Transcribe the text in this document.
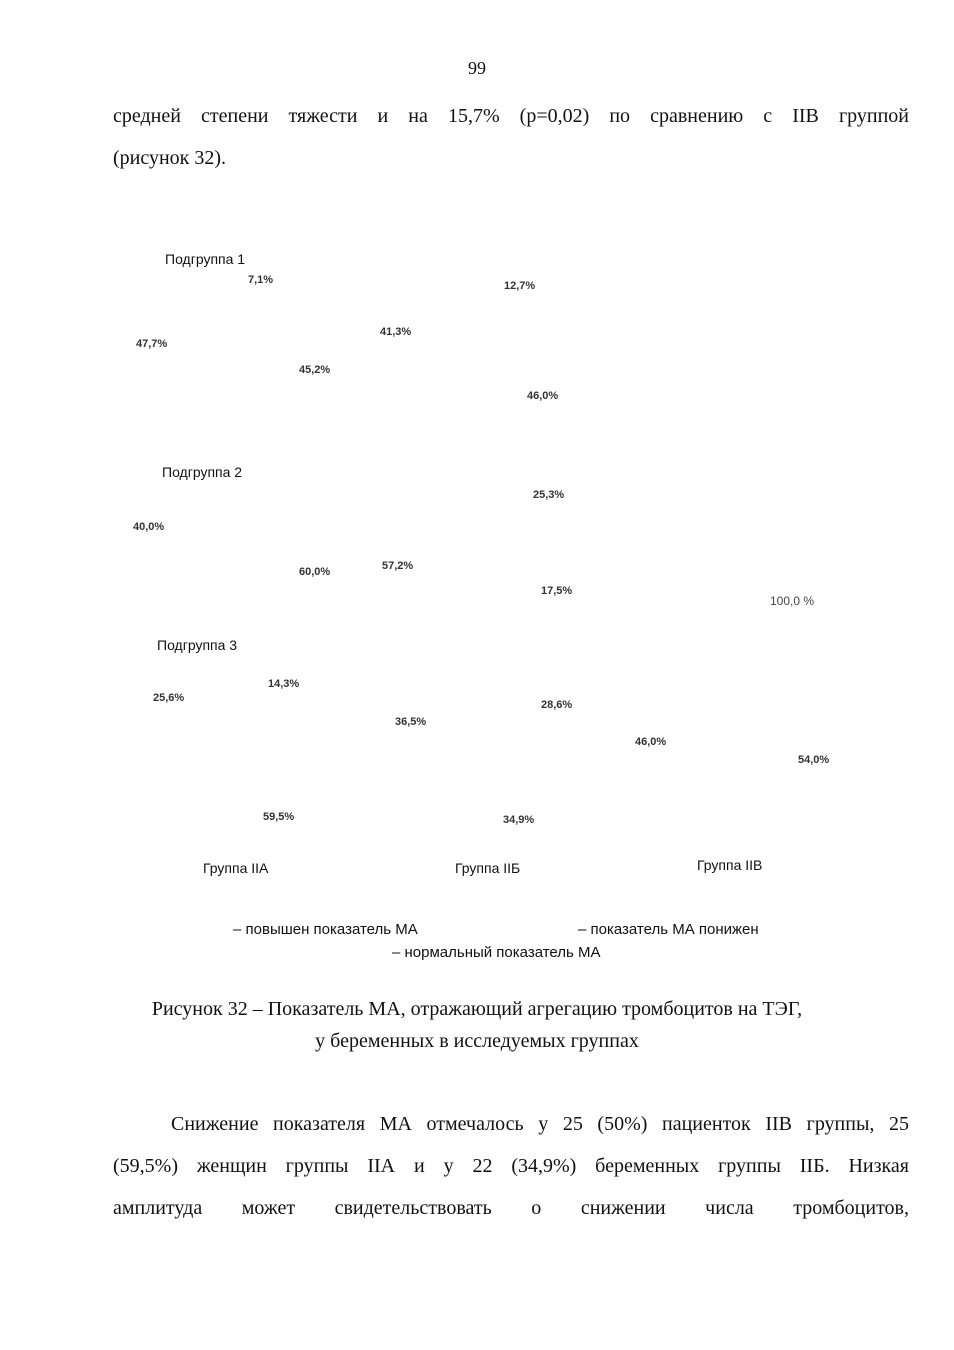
99
средней степени тяжести и на 15,7% (р=0,02) по сравнению с IIВ группой
(рисунок 32).
Подгруппа 1
Подгруппа 2
Подгруппа 3
7,1%
47,7%
45,2%
12,7%
41,3%
46,0%
40,0%
60,0%
25,3%
57,2%
17,5%
100,0 %
25,6%
14,3%
59,5%
36,5%
28,6%
34,9%
46,0%
54,0%
Группа IIА	Группа IIБ	Группа IIВ
– повышен показатель МА	– показатель МА понижен
– нормальный показатель МА
Рисунок 32 – Показатель МА, отражающий агрегацию тромбоцитов на ТЭГ,
у беременных в исследуемых группах
Снижение показателя МА отмечалось у 25 (50%) пациенток IIВ группы, 25
(59,5%) женщин группы IIА и у 22 (34,9%) беременных группы IIБ. Низкая
амплитуда может свидетельствовать о снижении числа тромбоцитов,
